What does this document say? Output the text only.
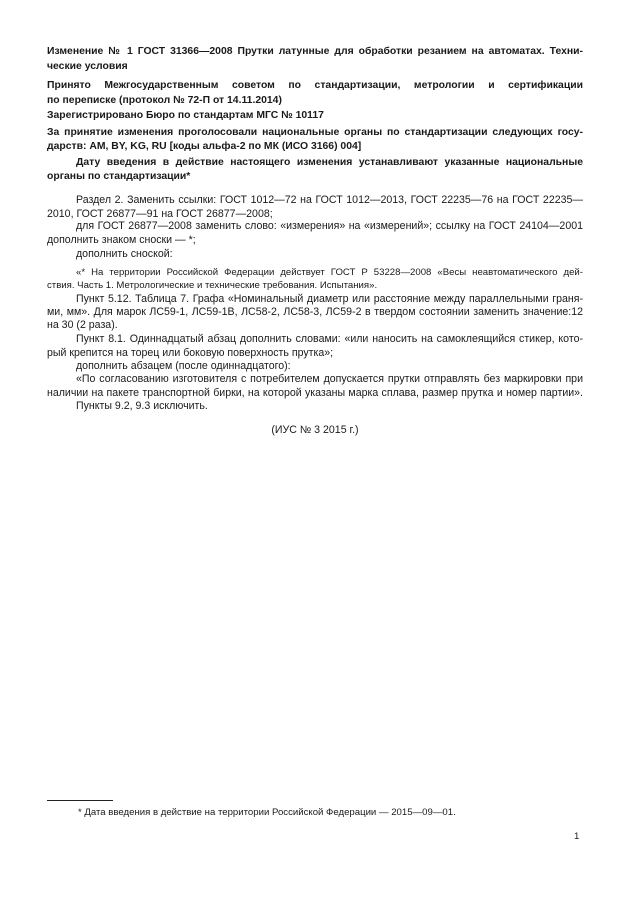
Изменение № 1 ГОСТ 31366—2008 Прутки латунные для обработки резанием на автоматах. Техни-
ческие условия
Принято Межгосударственным советом по стандартизации, метрологии и сертификации
по переписке (протокол № 72-П от 14.11.2014)
Зарегистрировано Бюро по стандартам МГС № 10117
За принятие изменения проголосовали национальные органы по стандартизации следующих госу-
дарств: AM, BY, KG, RU [коды альфа-2 по МК (ИСО 3166) 004]
Дату введения в действие настоящего изменения устанавливают указанные национальные
органы по стандартизации*
Раздел 2. Заменить ссылки: ГОСТ 1012—72 на ГОСТ 1012—2013, ГОСТ 22235—76 на ГОСТ 22235—
2010, ГОСТ 26877—91 на ГОСТ 26877—2008;
для ГОСТ 26877—2008 заменить слово: «измерения» на «измерений»; ссылку на ГОСТ 24104—2001
дополнить знаком сноски — *;
дополнить сноской:
«* На территории Российской Федерации действует ГОСТ Р 53228—2008 «Весы неавтоматического дей-
ствия. Часть 1. Метрологические и технические требования. Испытания».
Пункт 5.12. Таблица 7. Графа «Номинальный диаметр или расстояние между параллельными граня-
ми, мм». Для марок ЛС59-1, ЛС59-1В, ЛС58-2, ЛС58-3, ЛС59-2 в твердом состоянии заменить значение:12
на 30 (2 раза).
Пункт 8.1. Одиннадцатый абзац дополнить словами: «или наносить на самоклеящийся стикер, кото-
рый крепится на торец или боковую поверхность прутка»;
дополнить абзацем (после одиннадцатого):
«По согласованию изготовителя с потребителем допускается прутки отправлять без маркировки при
наличии на пакете транспортной бирки, на которой указаны марка сплава, размер прутка и номер партии».
Пункты 9.2, 9.3 исключить.
(ИУС № 3 2015 г.)
* Дата введения в действие на территории Российской Федерации — 2015—09—01.
1
